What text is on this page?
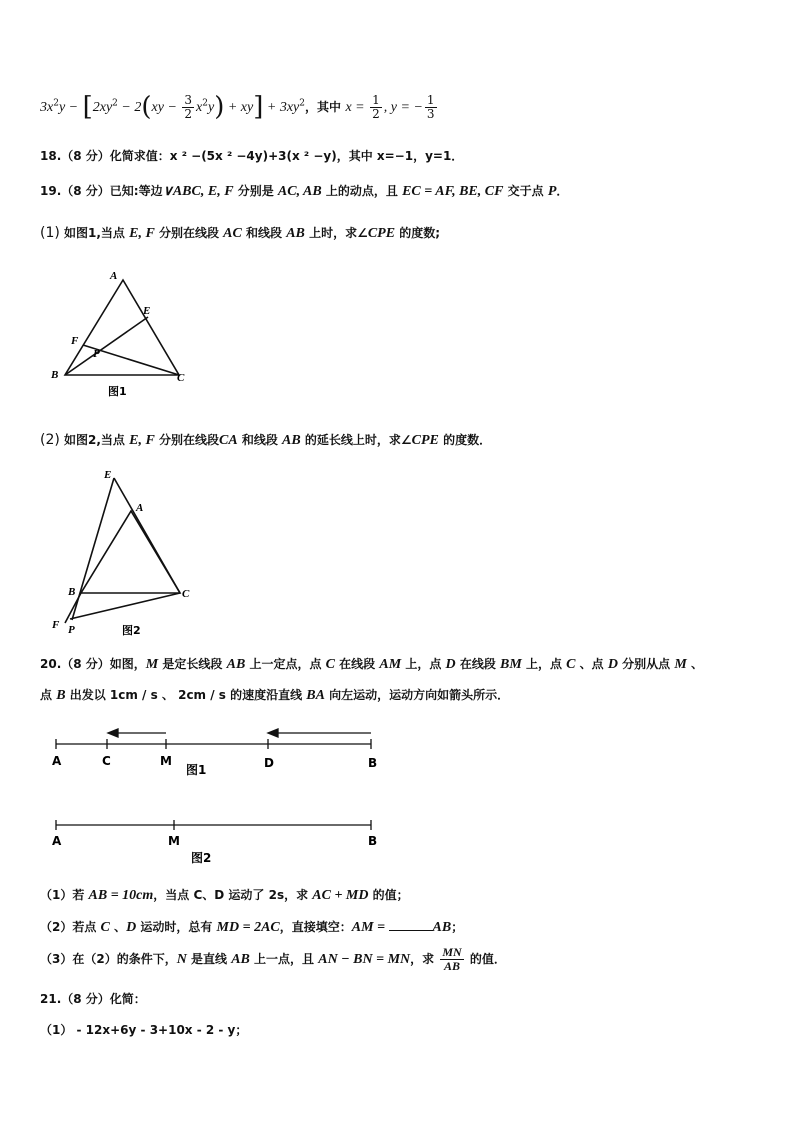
$3x^2y - [2xy^2 - 2(xy - \frac{3}{2} x^2y) + xy] + 3xy^2$，其中 $x = \frac{1}{2}$ , y = − $\frac{1}{3}$
18.（8 分）化简求值：x ² −(5x ² −4y)+3(x ² −y)，其中 x=−1，y=1．
19.（8 分）已知:等边∨ABC, E, F 分别是 AC, AB 上的动点，且 EC = AF, BE, CF 交于点 P．
(1) 如图1,当点 E, F 分别在线段 AC 和线段 AB 上时，求∠CPE 的度数;
A
E
F
P
B	C
图1
(2) 如图2,当点 E, F 分别在线段CA 和线段 AB 的延长线上时，求∠CPE 的度数．
E
A
B	C
F P	图2
20.（8 分）如图，M 是定长线段 AB 上一定点，点 C 在线段 AM 上，点 D 在线段 BM 上，点 C 、点 D 分别从点 M 、
点 B 出发以 1cm / s 、 2cm / s 的速度沿直线 BA 向左运动，运动方向如箭头所示．
A	C	M
图1	D	B
A	M	B
图2
（1）若 AB = 10cm，当点 C、D 运动了 2s，求 AC + MD 的值；
（2）若点 C 、D 运动时，总有 MD = 2AC，直接填空：AM =	AB；
（3）在（2）的条件下，N 是直线 AB 上一点，且 AN − BN = MN，求 $\frac{MN}{AB}$ 的值．
21.（8 分）化简：
（1） - 12x+6y - 3+10x - 2 - y；
